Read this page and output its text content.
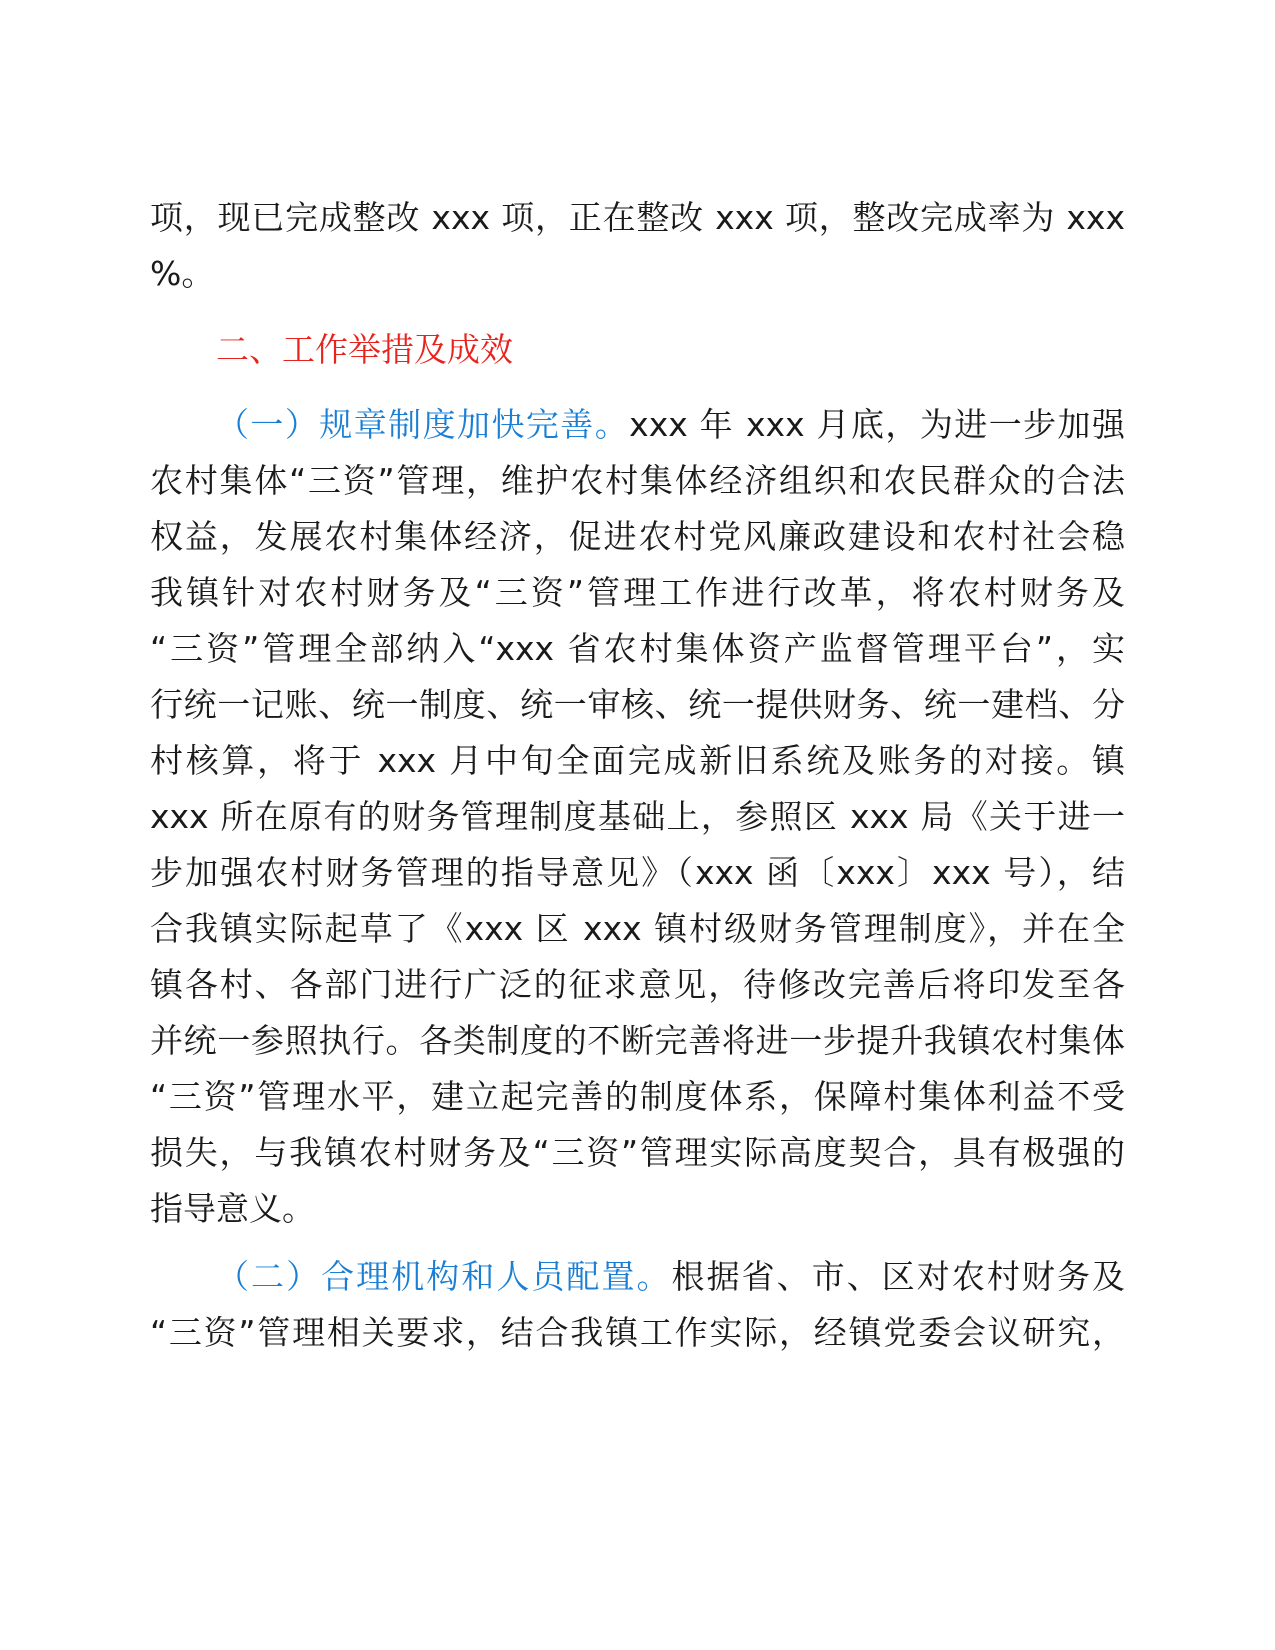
项，现已完成整改 xxx 项，正在整改 xxx 项，整改完成率为 xxx
%。
二、工作举措及成效
（一）规章制度加快完善。xxx 年 xxx 月底，为进一步加强
农村集体“三资”管理，维护农村集体经济组织和农民群众的合法
权益，发展农村集体经济，促进农村党风廉政建设和农村社会稳
我镇针对农村财务及“三资”管理工作进行改革，将农村财务及
“三资”管理全部纳入“xxx 省农村集体资产监督管理平台”，实
行统一记账、统一制度、统一审核、统一提供财务、统一建档、分
村核算，将于 xxx 月中旬全面完成新旧系统及账务的对接。镇
xxx 所在原有的财务管理制度基础上，参照区 xxx 局《关于进一
步加强农村财务管理的指导意见》（xxx 函〔xxx〕xxx 号），结
合我镇实际起草了《xxx 区 xxx 镇村级财务管理制度》，并在全
镇各村、各部门进行广泛的征求意见，待修改完善后将印发至各
并统一参照执行。各类制度的不断完善将进一步提升我镇农村集体
“三资”管理水平，建立起完善的制度体系，保障村集体利益不受
损失，与我镇农村财务及“三资”管理实际高度契合，具有极强的
指导意义。
（二）合理机构和人员配置。根据省、市、区对农村财务及
“三资”管理相关要求，结合我镇工作实际，经镇党委会议研究，
